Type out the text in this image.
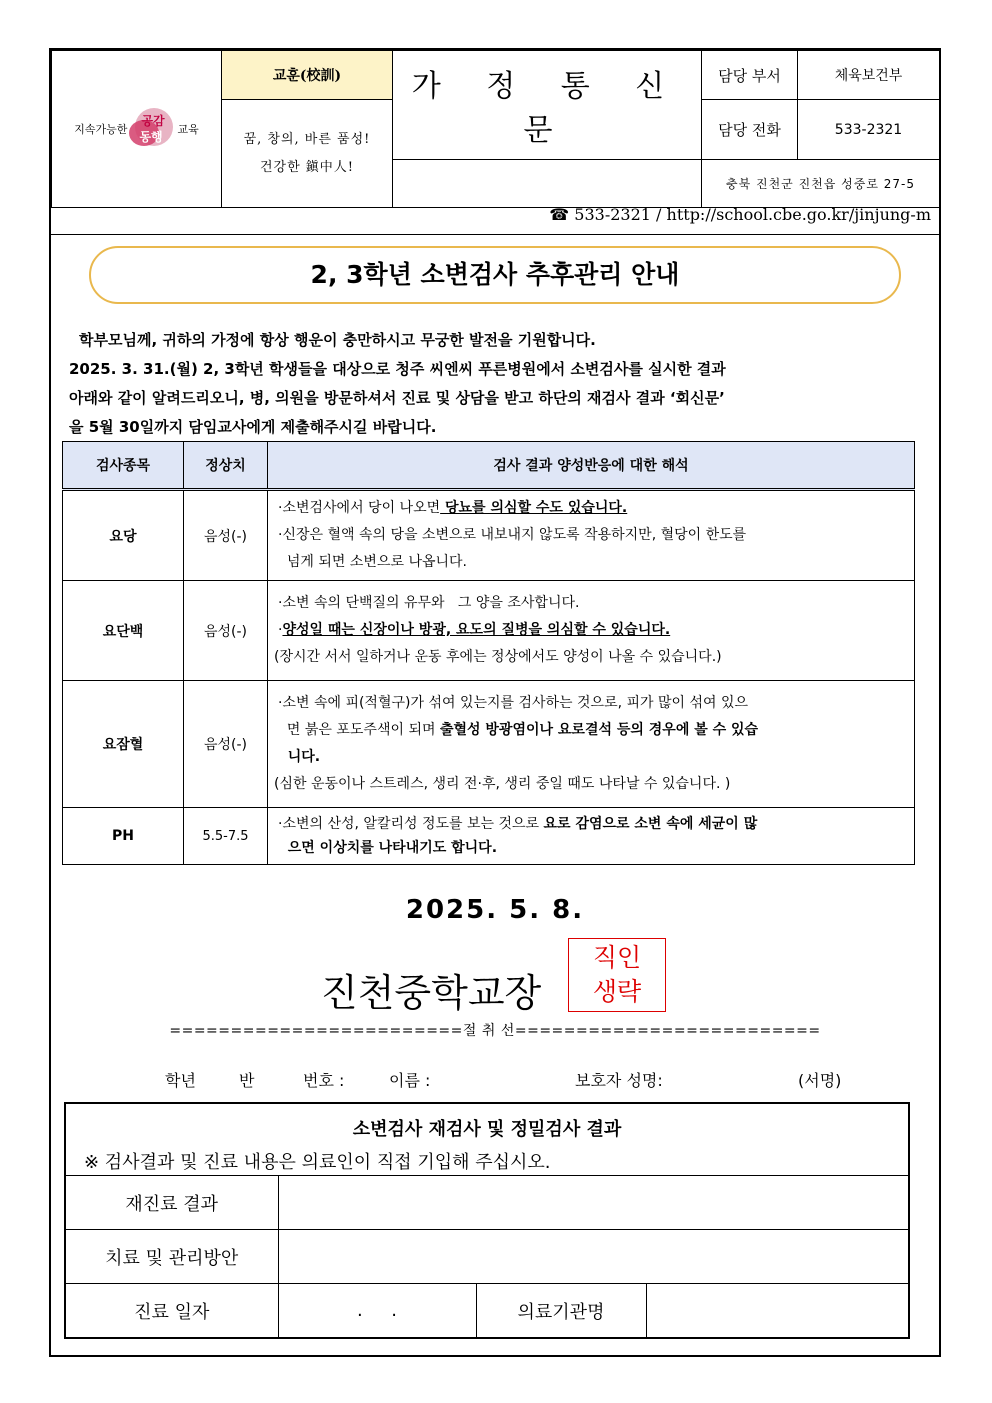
지속가능한
공감
동행
교육	교훈(校訓)	가 정 통 신 문	담당 부서	체육보건부

	꿈, 창의, 바른 품성!
건강한 鎭中人!		담당 전화	533-2321
			충북 진천군 진천읍 성중로 27-5	
☎ 533-2321 / http://school.cbe.go.kr/jinjung-m
2, 3학년 소변검사 추후관리 안내

학부모님께, 귀하의 가정에 항상 행운이 충만하시고 무궁한 발전을 기원합니다.

2025. 3. 31.(월) 2, 3학년 학생들을 대상으로 청주 씨엔씨 푸른병원에서 소변검사를 실시한 결과

아래와 같이 알려드리오니, 병, 의원을 방문하셔서 진료 및 상담을 받고 하단의 재검사 결과 ‘회신문’

을 5월 30일까지 담임교사에게 제출해주시길 바랍니다.

검사종목	정상치	검사 결과 양성반응에 대한 해석
요당	음성(-)	·소변검사에서 당이 나오면 당뇨를 의심할 수도 있습니다.
·신장은 혈액 속의 당을 소변으로 내보내지 않도록 작용하지만, 혈당이 한도를
넘게 되면 소변으로 나옵니다.

요단백	음성(-)	·소변 속의 단백질의 유무와   그 양을 조사합니다.
·양성일 때는 신장이나 방광, 요도의 질병을 의심할 수 있습니다.
(장시간 서서 일하거나 운동 후에는 정상에서도 양성이 나올 수 있습니다.)

요잠혈	음성(-)	·소변 속에 피(적혈구)가 섞여 있는지를 검사하는 것으로, 피가 많이 섞여 있으
면 붉은 포도주색이 되며 출혈성 방광염이나 요로결석 등의 경우에 볼 수 있습
니다.
(심한 운동이나 스트레스, 생리 전·후, 생리 중일 때도 나타날 수 있습니다. )

PH	5.5-7.5	·소변의 산성, 알칼리성 정도를 보는 것으로 요로 감염으로 소변 속에 세균이 많
으면 이상치를 나타내기도 합니다.
2025. 5. 8.
진천중학교장
직인
생략
========================절 취 선=========================
학년	반	번호 :	이름 :	보호자 성명:	(서명)
소변검사 재검사 및 정밀검사 결과			
※ 검사결과 및 진료 내용은 의료인이 직접 기입해 주십시오.			
재진료 결과			
치료 및 관리방안			
진료 일자	.     .	의료기관명	
